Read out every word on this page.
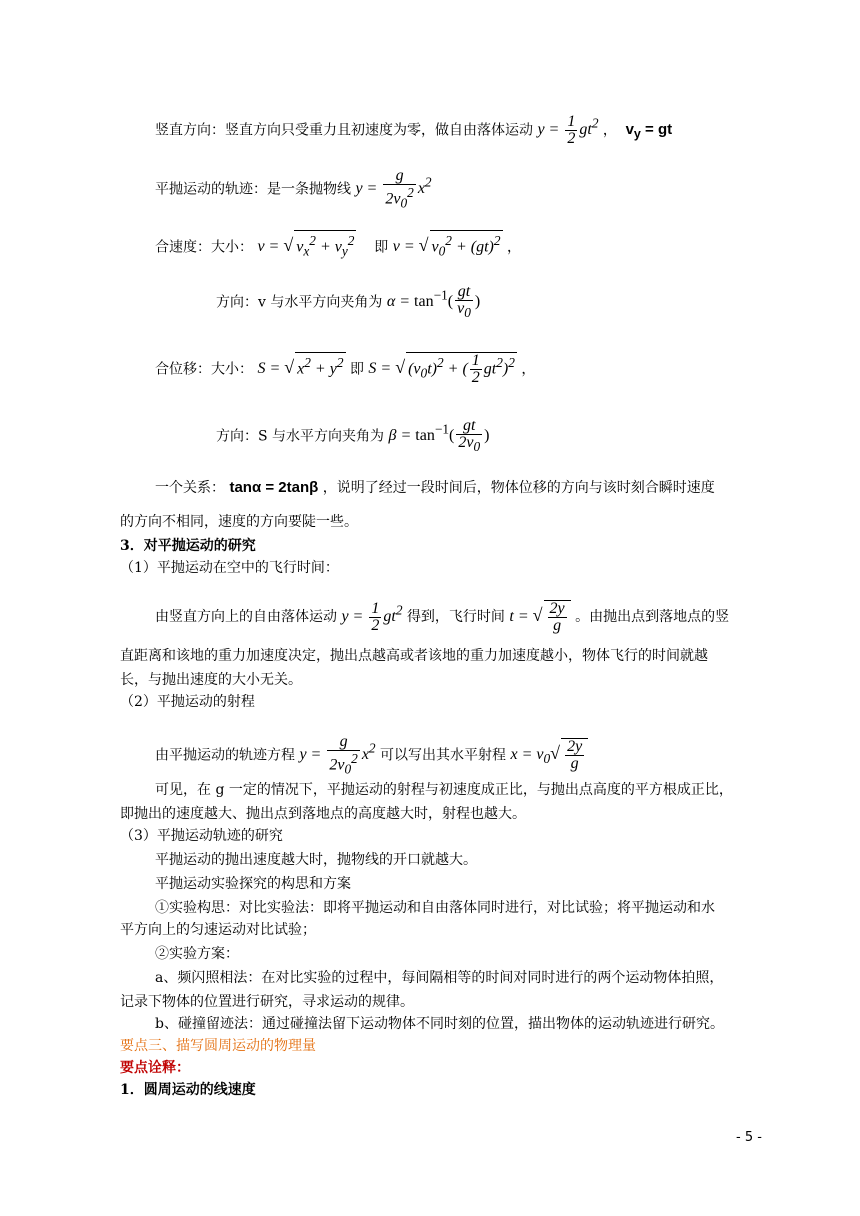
竖直方向：竖直方向只受重力且初速度为零，做自由落体运动 $y = \frac{1}{2} gt^2$ ，  $v_y$ = gt
平抛运动的轨迹：是一条抛物线 $y = \frac{g}{2v_0^2} x^2$
合速度：大小： v = √ $v_x^2 + v_y^2$ 即 v = √ $v_0^2 + (gt)^2$ ，
方向：v 与水平方向夹角为 $\alpha = \tan^{-1}( \frac{gt}{v_0}$ )
合位移：大小： S = √ $x^2 + y^2$ 即 S = √ $(v_0t)^2$ + ( $\frac{1}{2} gt^2)^2$ ，
方向：S 与水平方向夹角为 $\beta = \tan^{-1}( \frac{gt}{2v_0}$ )
一个关系： tanα = 2tanβ ，说明了经过一段时间后，物体位移的方向与该时刻合瞬时速度
的方向不相同，速度的方向要陡一些。
3．对平抛运动的研究
（1）平抛运动在空中的飞行时间：
由竖直方向上的自由落体运动 $y = \frac{1}{2} gt^2$ 得到，飞行时间 t = √ $\frac{2y}{g}$ 。由抛出点到落地点的竖
直距离和该地的重力加速度决定，抛出点越高或者该地的重力加速度越小，物体飞行的时间就越
长，与抛出速度的大小无关。
（2）平抛运动的射程
由平抛运动的轨迹方程 $y = \frac{g}{2v_0^2} x^2$ 可以写出其水平射程 $x = v_0√ \frac{2y}{g}$
可见，在 g 一定的情况下，平抛运动的射程与初速度成正比，与抛出点高度的平方根成正比，
即抛出的速度越大、抛出点到落地点的高度越大时，射程也越大。
（3）平抛运动轨迹的研究
平抛运动的抛出速度越大时，抛物线的开口就越大。
平抛运动实验探究的构思和方案
①实验构思：对比实验法：即将平抛运动和自由落体同时进行，对比试验；将平抛运动和水
平方向上的匀速运动对比试验；
②实验方案：
a、频闪照相法：在对比实验的过程中，每间隔相等的时间对同时进行的两个运动物体拍照，
记录下物体的位置进行研究，寻求运动的规律。
b、碰撞留迹法：通过碰撞法留下运动物体不同时刻的位置，描出物体的运动轨迹进行研究。
要点三、描写圆周运动的物理量
要点诠释：
1．圆周运动的线速度
- 5 -
